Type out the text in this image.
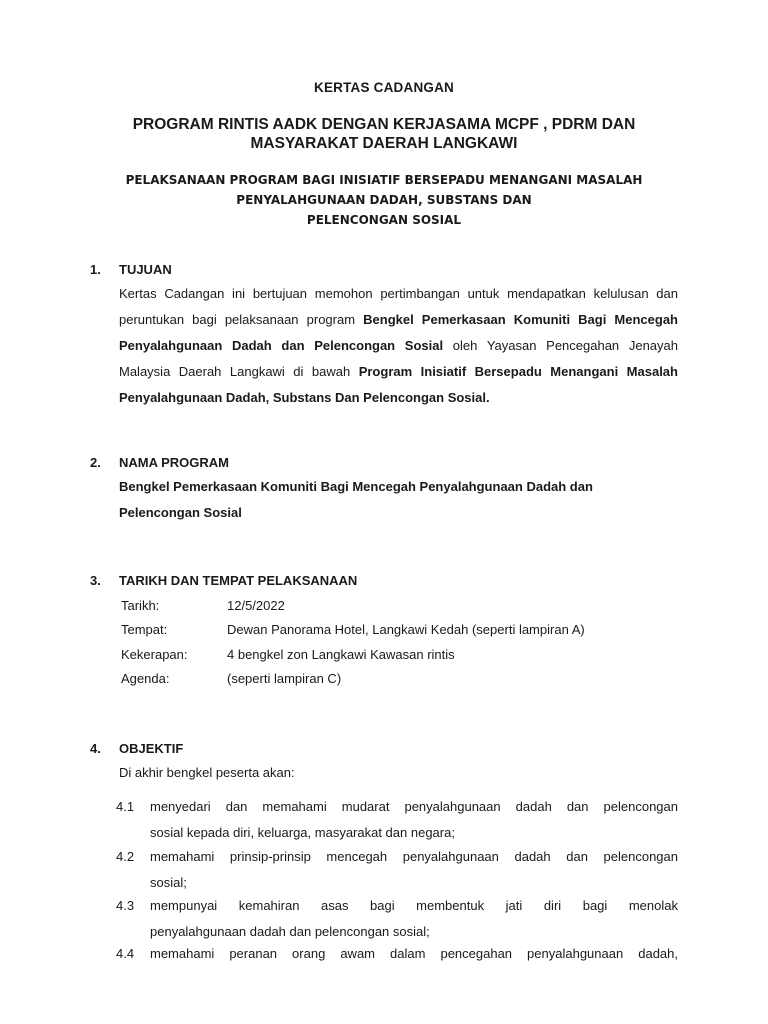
KERTAS CADANGAN
PROGRAM RINTIS AADK DENGAN KERJASAMA MCPF , PDRM DAN
MASYARAKAT DAERAH LANGKAWI
PELAKSANAAN PROGRAM BAGI INISIATIF BERSEPADU MENANGANI MASALAH
PENYALAHGUNAAN DADAH, SUBSTANS DAN
PELENCONGAN SOSIAL
1. TUJUAN
Kertas Cadangan ini bertujuan memohon pertimbangan untuk mendapatkan kelulusan dan
peruntukan bagi pelaksanaan program Bengkel Pemerkasaan Komuniti Bagi Mencegah
Penyalahgunaan Dadah dan Pelencongan Sosial oleh Yayasan Pencegahan Jenayah
Malaysia Daerah Langkawi di bawah Program Inisiatif Bersepadu Menangani Masalah
Penyalahgunaan Dadah, Substans Dan Pelencongan Sosial.
2. NAMA PROGRAM
Bengkel Pemerkasaan Komuniti Bagi Mencegah Penyalahgunaan Dadah dan
Pelencongan Sosial
3. TARIKH DAN TEMPAT PELAKSANAAN
Tarikh:	12/5/2022
Tempat:	Dewan Panorama Hotel, Langkawi Kedah (seperti lampiran A)
Kekerapan:	4 bengkel zon Langkawi Kawasan rintis
Agenda:	(seperti lampiran C)
4. OBJEKTIF
Di akhir bengkel peserta akan:
4.1 menyedari dan memahami mudarat penyalahgunaan dadah dan pelencongan
sosial kepada diri, keluarga, masyarakat dan negara;
4.2 memahami prinsip-prinsip mencegah penyalahgunaan dadah dan pelencongan
sosial;
4.3 mempunyai kemahiran asas bagi membentuk jati diri bagi menolak
penyalahgunaan dadah dan pelencongan sosial;
4.4 memahami peranan orang awam dalam pencegahan penyalahgunaan dadah,
